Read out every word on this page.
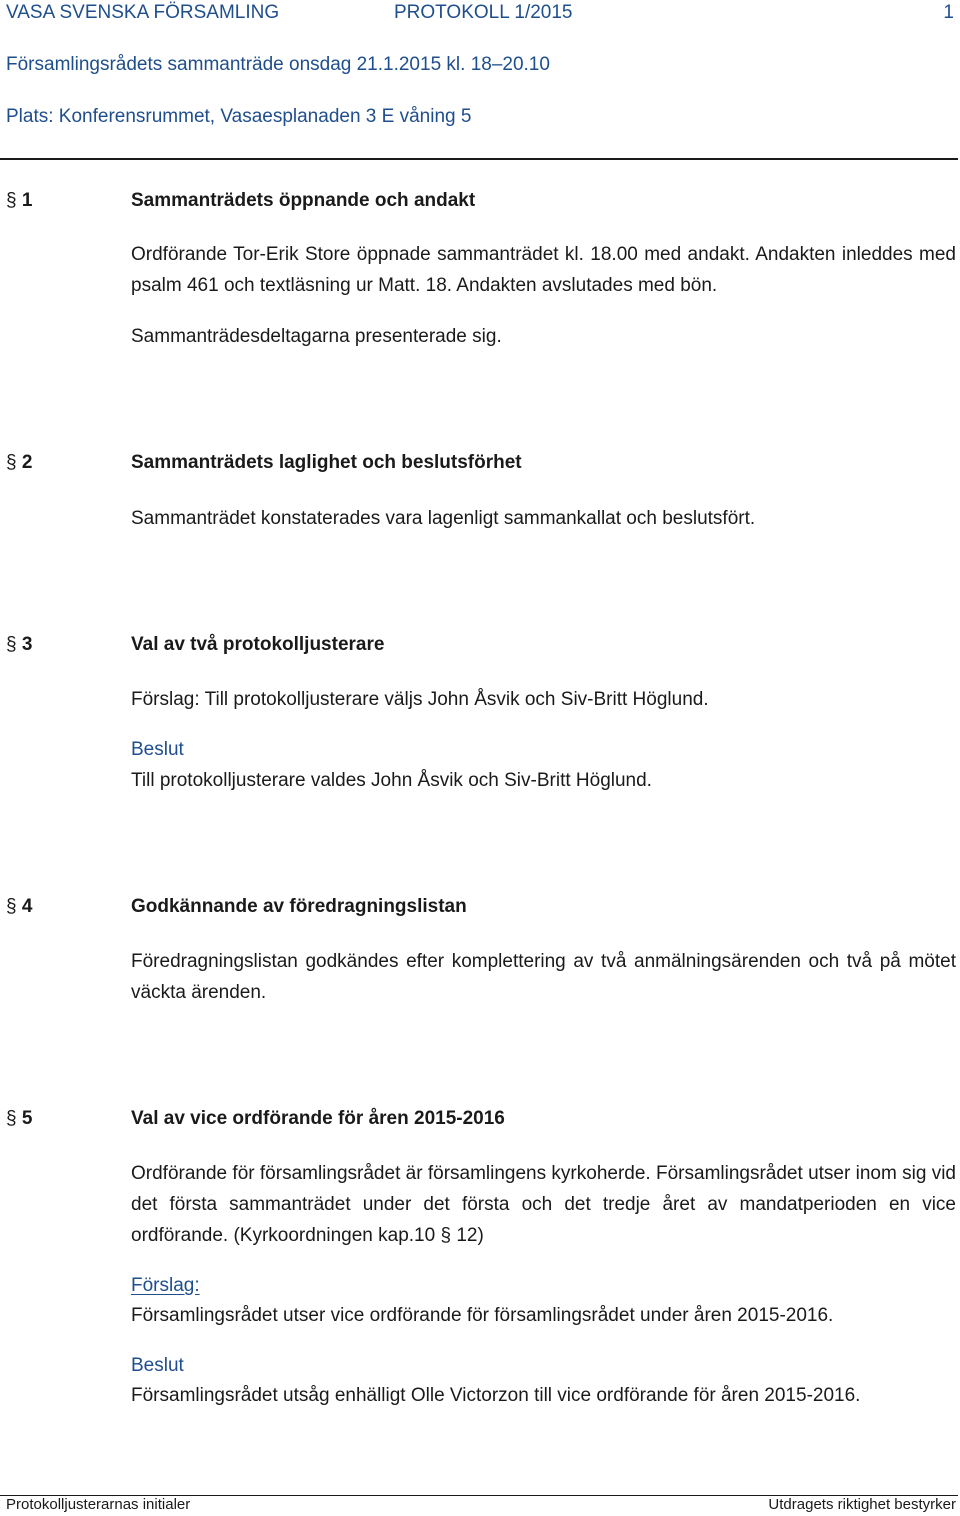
VASA SVENSKA FÖRSAMLING	PROTOKOLL 1/2015	1
Församlingsrådets sammanträde onsdag 21.1.2015 kl. 18–20.10
Plats: Konferensrummet, Vasaesplanaden 3 E våning 5
§ 1	Sammanträdets öppnande och andakt

Ordförande Tor-Erik Store öppnade sammanträdet kl. 18.00 med andakt. Andakten inleddes med psalm 461 och textläsning ur Matt. 18. Andakten avslutades med bön.

Sammanträdesdeltagarna presenterade sig.

§ 2	Sammanträdets laglighet och beslutsförhet

Sammanträdet konstaterades vara lagenligt sammankallat och beslutsfört.

§ 3	Val av två protokolljusterare

Förslag: Till protokolljusterare väljs John Åsvik och Siv-Britt Höglund.

Beslut

Till protokolljusterare valdes John Åsvik och Siv-Britt Höglund.

§ 4	Godkännande av föredragningslistan

Föredragningslistan godkändes efter komplettering av två anmälningsärenden och två på mötet väckta ärenden.

§ 5	Val av vice ordförande för åren 2015-2016

Ordförande för församlingsrådet är församlingens kyrkoherde. Församlingsrådet utser inom sig vid det första sammanträdet under det första och det tredje året av mandatperioden en vice ordförande. (Kyrkoordningen kap.10 § 12)

Förslag:

Församlingsrådet utser vice ordförande för församlingsrådet under åren 2015-2016.

Beslut

Församlingsrådet utsåg enhälligt Olle Victorzon till vice ordförande för åren 2015-2016.

Protokolljusterarnas initialer	Utdragets riktighet bestyrker
